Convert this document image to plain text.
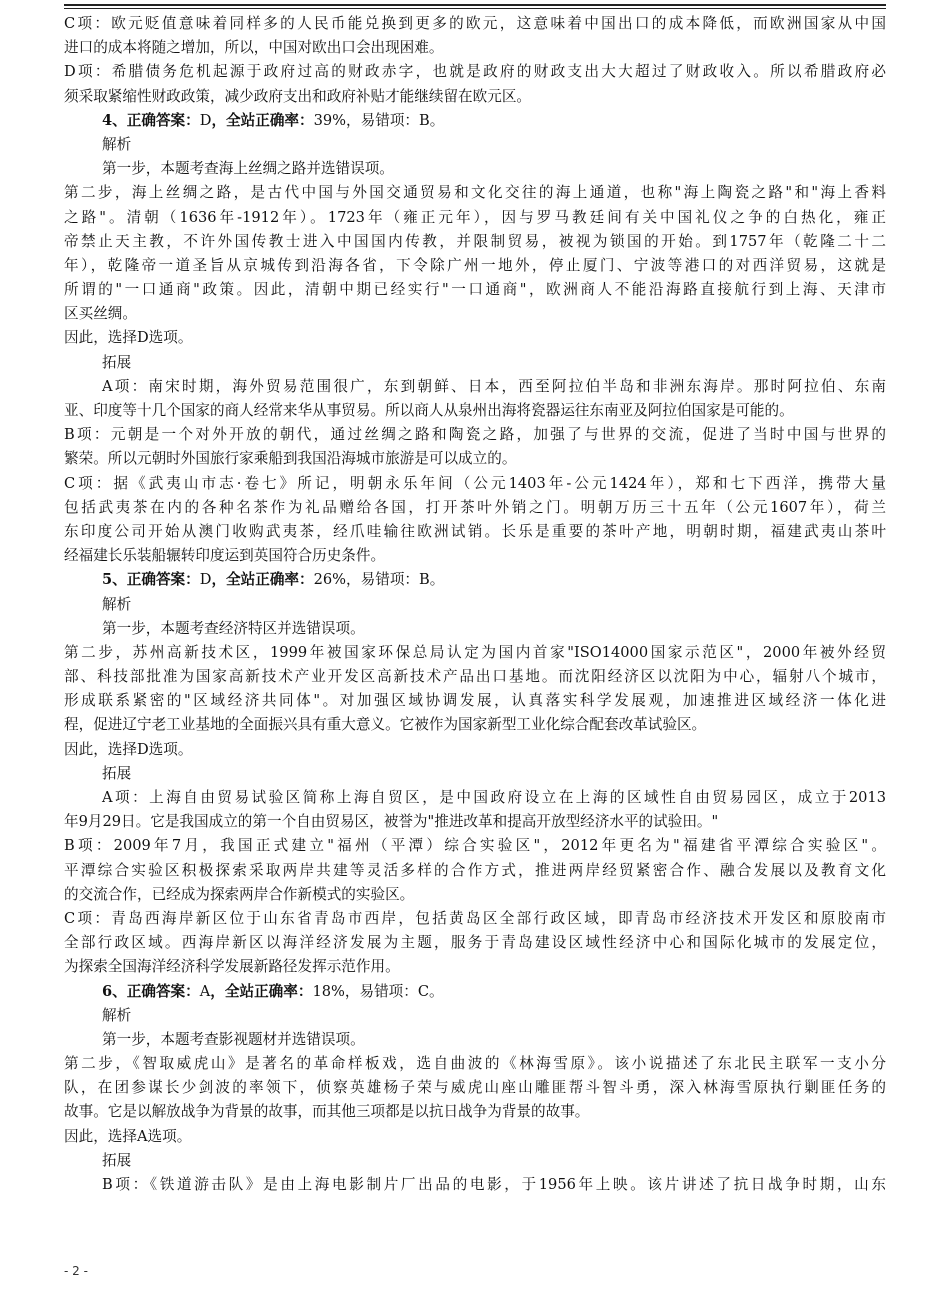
C项：欧元贬值意味着同样多的人民币能兑换到更多的欧元，这意味着中国出口的成本降低，而欧洲国家从中国
进口的成本将随之增加，所以，中国对欧出口会出现困难。
D项：希腊债务危机起源于政府过高的财政赤字，也就是政府的财政支出大大超过了财政收入。所以希腊政府必
须采取紧缩性财政政策，减少政府支出和政府补贴才能继续留在欧元区。
4、正确答案：D，全站正确率：39%，易错项：B。
解析
第一步，本题考查海上丝绸之路并选错误项。
第二步，海上丝绸之路，是古代中国与外国交通贸易和文化交往的海上通道，也称"海上陶瓷之路"和"海上香料
之路"。清朝（1636年-1912年）。1723年（雍正元年），因与罗马教廷间有关中国礼仪之争的白热化，雍正
帝禁止天主教，不许外国传教士进入中国国内传教，并限制贸易，被视为锁国的开始。到1757年（乾隆二十二
年），乾隆帝一道圣旨从京城传到沿海各省，下令除广州一地外，停止厦门、宁波等港口的对西洋贸易，这就是
所谓的"一口通商"政策。因此，清朝中期已经实行"一口通商"，欧洲商人不能沿海路直接航行到上海、天津市
区买丝绸。
因此，选择D选项。
拓展
A项：南宋时期，海外贸易范围很广，东到朝鲜、日本，西至阿拉伯半岛和非洲东海岸。那时阿拉伯、东南
亚、印度等十几个国家的商人经常来华从事贸易。所以商人从泉州出海将瓷器运往东南亚及阿拉伯国家是可能的。
B项：元朝是一个对外开放的朝代，通过丝绸之路和陶瓷之路，加强了与世界的交流，促进了当时中国与世界的
繁荣。所以元朝时外国旅行家乘船到我国沿海城市旅游是可以成立的。
C项：据《武夷山市志·卷七》所记，明朝永乐年间（公元1403年-公元1424年），郑和七下西洋，携带大量
包括武夷茶在内的各种名茶作为礼品赠给各国，打开茶叶外销之门。明朝万历三十五年（公元1607年），荷兰
东印度公司开始从澳门收购武夷茶，经爪哇输往欧洲试销。长乐是重要的茶叶产地，明朝时期，福建武夷山茶叶
经福建长乐装船辗转印度运到英国符合历史条件。
5、正确答案：D，全站正确率：26%，易错项：B。
解析
第一步，本题考查经济特区并选错误项。
第二步，苏州高新技术区，1999年被国家环保总局认定为国内首家"ISO14000国家示范区"，2000年被外经贸
部、科技部批准为国家高新技术产业开发区高新技术产品出口基地。而沈阳经济区以沈阳为中心，辐射八个城市，
形成联系紧密的"区域经济共同体"。对加强区域协调发展，认真落实科学发展观，加速推进区域经济一体化进
程，促进辽宁老工业基地的全面振兴具有重大意义。它被作为国家新型工业化综合配套改革试验区。
因此，选择D选项。
拓展
A项：上海自由贸易试验区简称上海自贸区，是中国政府设立在上海的区域性自由贸易园区，成立于2013
年9月29日。它是我国成立的第一个自由贸易区，被誉为"推进改革和提高开放型经济水平的试验田。"
B项：2009年7月，我国正式建立"福州（平潭）综合实验区"，2012年更名为"福建省平潭综合实验区"。
平潭综合实验区积极探索采取两岸共建等灵活多样的合作方式，推进两岸经贸紧密合作、融合发展以及教育文化
的交流合作，已经成为探索两岸合作新模式的实验区。
C项：青岛西海岸新区位于山东省青岛市西岸，包括黄岛区全部行政区域，即青岛市经济技术开发区和原胶南市
全部行政区域。西海岸新区以海洋经济发展为主题，服务于青岛建设区域性经济中心和国际化城市的发展定位，
为探索全国海洋经济科学发展新路径发挥示范作用。
6、正确答案：A，全站正确率：18%，易错项：C。
解析
第一步，本题考查影视题材并选错误项。
第二步，《智取威虎山》是著名的革命样板戏，选自曲波的《林海雪原》。该小说描述了东北民主联军一支小分
队，在团参谋长少剑波的率领下，侦察英雄杨子荣与威虎山座山雕匪帮斗智斗勇，深入林海雪原执行剿匪任务的
故事。它是以解放战争为背景的故事，而其他三项都是以抗日战争为背景的故事。
因此，选择A选项。
拓展
B项：《铁道游击队》是由上海电影制片厂出品的电影，于1956年上映。该片讲述了抗日战争时期，山东
- 2 -
